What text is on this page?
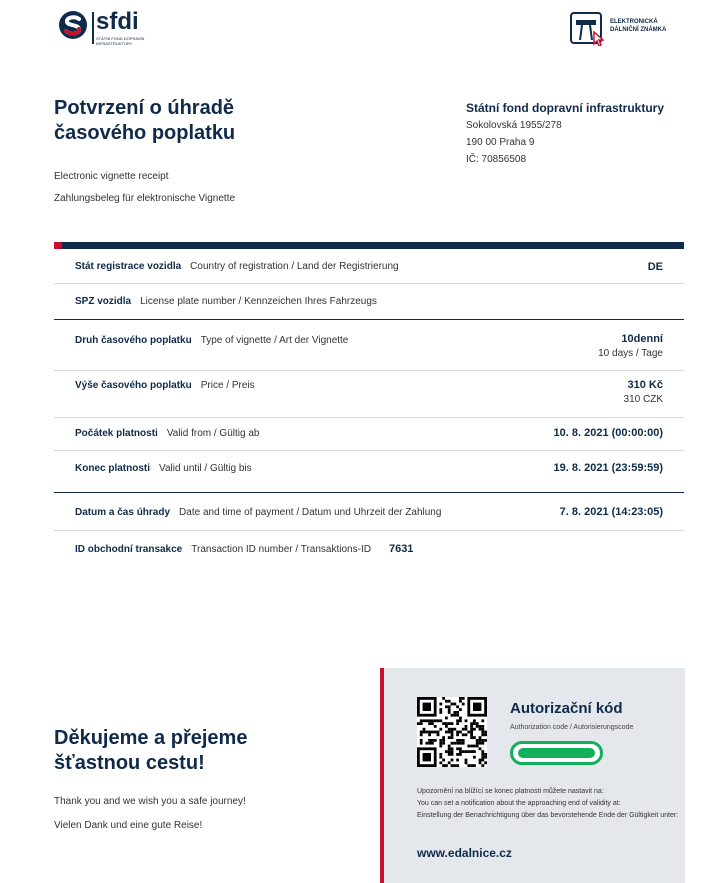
sfdi
STÁTNÍ FOND DOPRAVNÍ INFRASTRUKTURY
ELEKTRONICKÁ
DÁLNIČNÍ ZNÁMKA
Potvrzení o úhradě
časového poplatku
Electronic vignette receipt
Zahlungsbeleg für elektronische Vignette
Státní fond dopravní infrastruktury
Sokolovská 1955/278
190 00 Praha 9
IČ: 70856508
Stát registrace vozidla Country of registration / Land der Registrierung	DE
SPZ vozidla License plate number / Kennzeichen Ihres Fahrzeugs
Druh časového poplatku Type of vignette / Art der Vignette	10denní
10 days / Tage
Výše časového poplatku Price / Preis	310 Kč
310 CZK
Počátek platnosti Valid from / Gültig ab	10. 8. 2021 (00:00:00)
Konec platnosti Valid until / Gültig bis	19. 8. 2021 (23:59:59)
Datum a čas úhrady Date and time of payment / Datum und Uhrzeit der Zahlung	7. 8. 2021 (14:23:05)
ID obchodní transakce Transaction ID number / Transaktions-ID 7631
Děkujeme a přejeme
šťastnou cestu!
Thank you and we wish you a safe journey!
Vielen Dank und eine gute Reise!
Autorizační kód
Authorization code / Autorisierungscode
Upozornění na blížící se konec platnosti můžete nastavit na:
You can set a notification about the approaching end of validity at:
Einstellung der Benachrichtigung über das bevorstehende Ende der Gültigkeit unter:
www.edalnice.cz
